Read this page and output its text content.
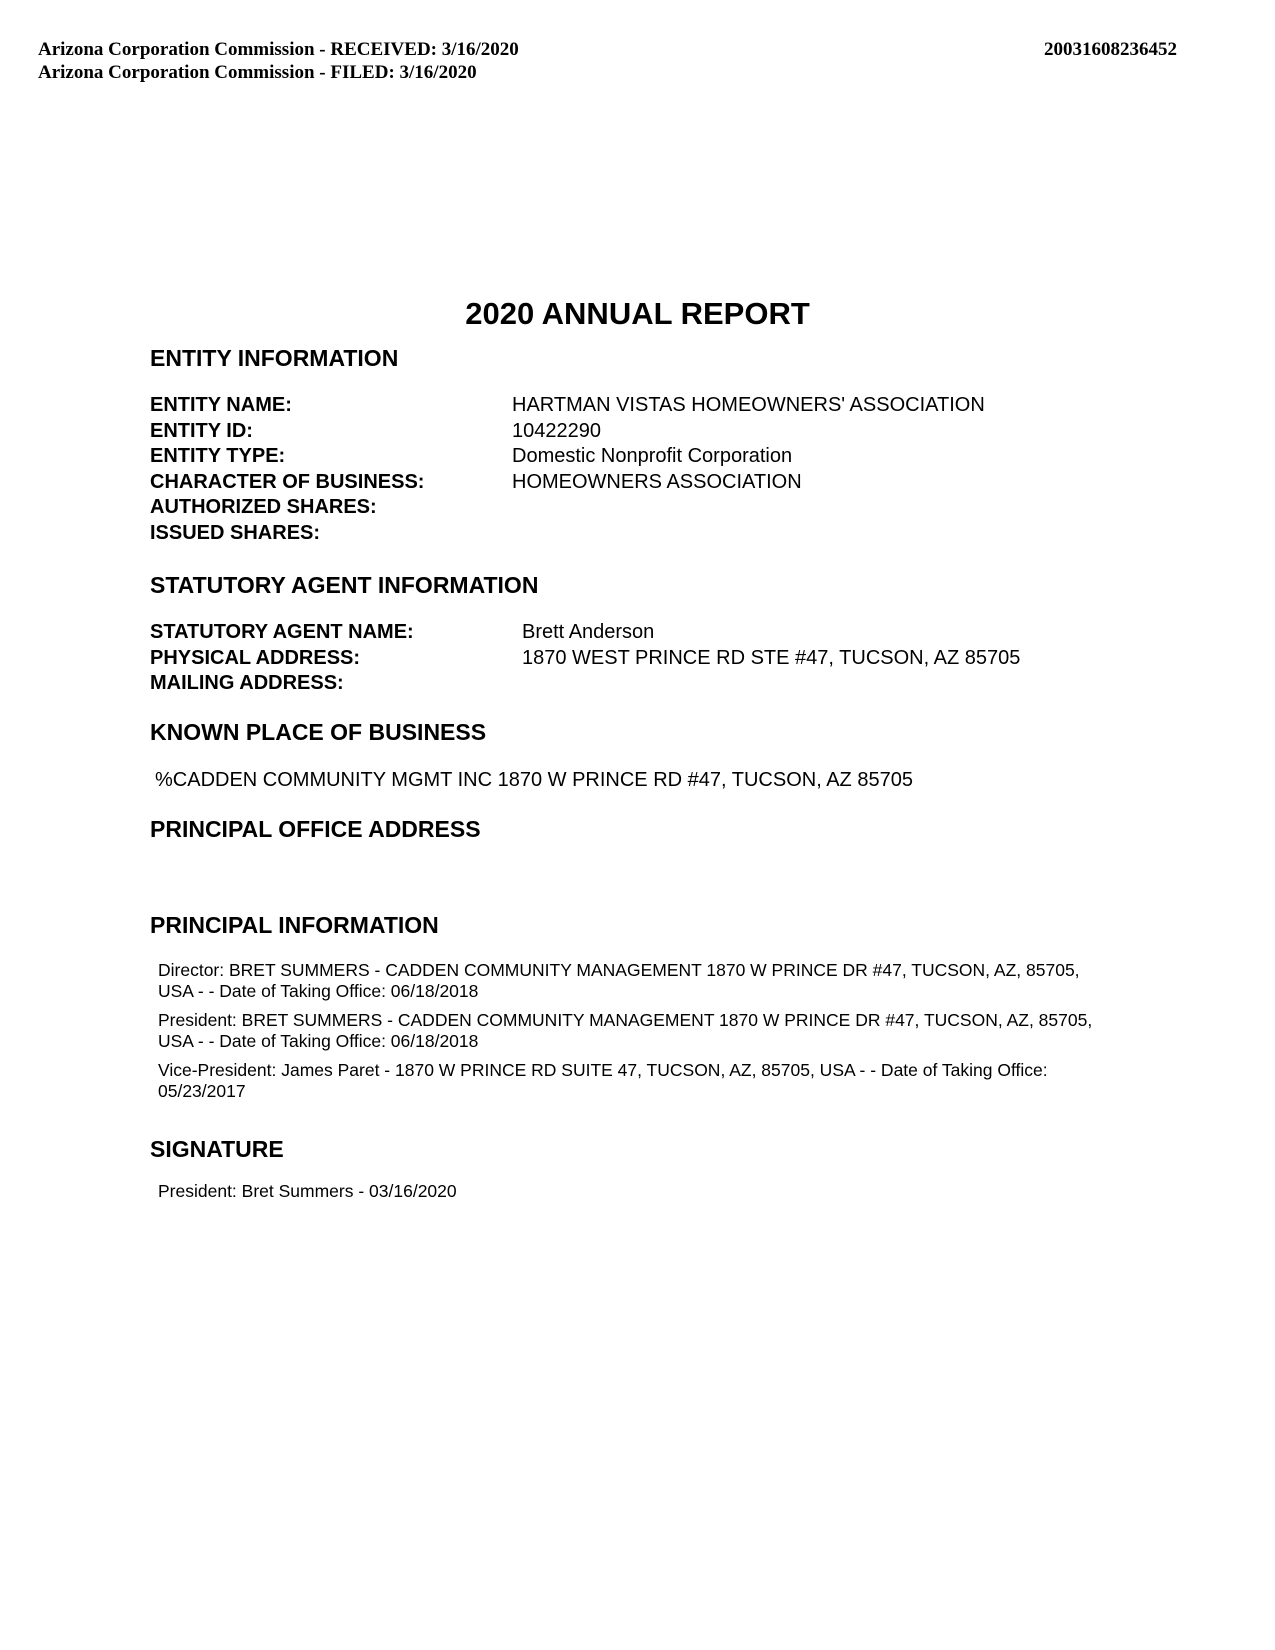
Arizona Corporation Commission - RECEIVED: 3/16/2020
Arizona Corporation Commission - FILED: 3/16/2020
20031608236452
2020 ANNUAL REPORT
ENTITY INFORMATION
ENTITY NAME:	HARTMAN VISTAS HOMEOWNERS' ASSOCIATION
ENTITY ID:	10422290
ENTITY TYPE:	Domestic Nonprofit Corporation
CHARACTER OF BUSINESS:	HOMEOWNERS ASSOCIATION
AUTHORIZED SHARES:
ISSUED SHARES:
STATUTORY AGENT INFORMATION
STATUTORY AGENT NAME:	Brett Anderson
PHYSICAL ADDRESS:	1870 WEST PRINCE RD STE #47, TUCSON, AZ 85705
MAILING ADDRESS:
KNOWN PLACE OF BUSINESS
%CADDEN COMMUNITY MGMT INC 1870 W PRINCE RD #47, TUCSON, AZ 85705
PRINCIPAL OFFICE ADDRESS
PRINCIPAL INFORMATION

Director: BRET SUMMERS - CADDEN COMMUNITY MANAGEMENT 1870 W PRINCE DR #47, TUCSON, AZ, 85705, USA - - Date of Taking Office: 06/18/2018

President: BRET SUMMERS - CADDEN COMMUNITY MANAGEMENT 1870 W PRINCE DR #47, TUCSON, AZ, 85705, USA - - Date of Taking Office: 06/18/2018

Vice-President: James Paret - 1870 W PRINCE RD SUITE 47, TUCSON, AZ, 85705, USA - - Date of Taking Office: 05/23/2017

SIGNATURE
President: Bret Summers - 03/16/2020
